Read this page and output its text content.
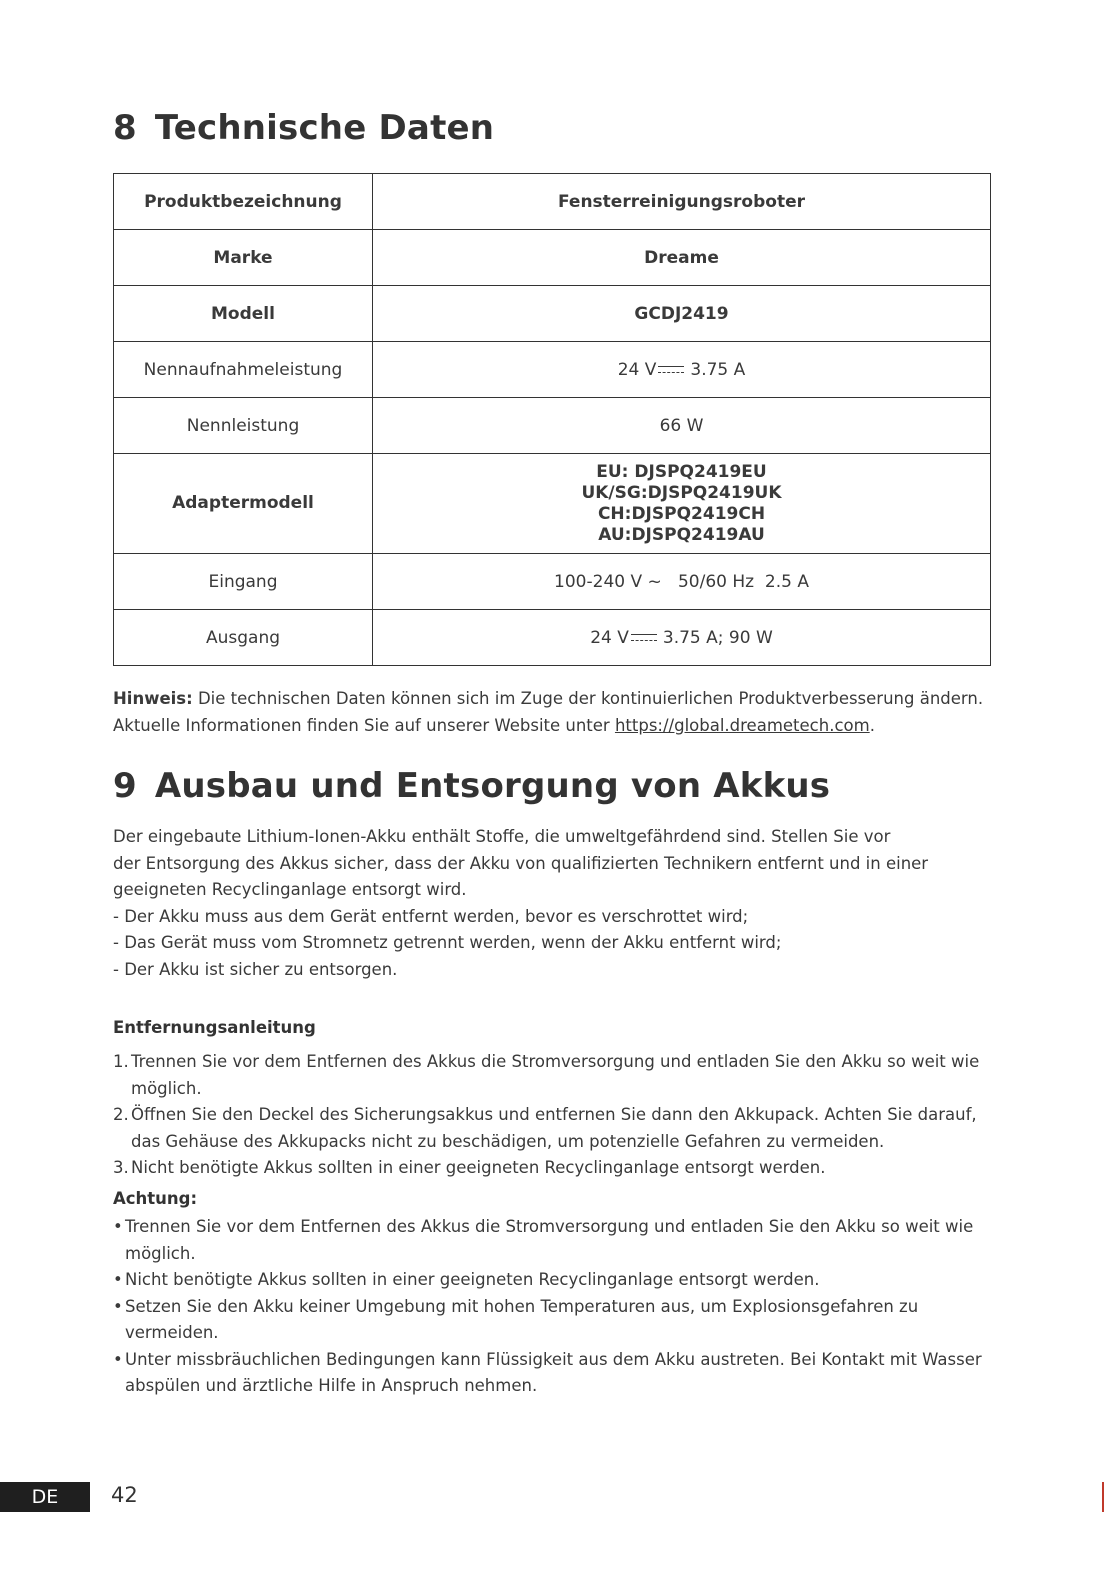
8 Technische Daten
Produktbezeichnung	Fensterreinigungsroboter
Marke	Dreame
Modell	GCDJ2419
Nennaufnahmeleistung	24 V 3.75 A
Nennleistung	66 W
Adaptermodell	EU: DJSPQ2419EU
UK/SG:DJSPQ2419UK
CH:DJSPQ2419CH
AU:DJSPQ2419AU

Eingang	100-240 V ~   50/60 Hz  2.5 A
Ausgang	24 V 3.75 A; 90 W

Hinweis: Die technischen Daten können sich im Zuge der kontinuierlichen Produktverbesserung ändern. Aktuelle Informationen finden Sie auf unserer Website unter https://global.dreametech.com.

9 Ausbau und Entsorgung von Akkus

Der eingebaute Lithium-Ionen-Akku enthält Stoffe, die umweltgefährdend sind. Stellen Sie vor
der Entsorgung des Akkus sicher, dass der Akku von qualifizierten Technikern entfernt und in einer
geeigneten Recyclinganlage entsorgt wird.
- Der Akku muss aus dem Gerät entfernt werden, bevor es verschrottet wird;
- Das Gerät muss vom Stromnetz getrennt werden, wenn der Akku entfernt wird;
- Der Akku ist sicher zu entsorgen.

Entfernungsanleitung
1. Trennen Sie vor dem Entfernen des Akkus die Stromversorgung und entladen Sie den Akku so weit wie möglich.
2. Öffnen Sie den Deckel des Sicherungsakkus und entfernen Sie dann den Akkupack. Achten Sie darauf, das Gehäuse des Akkupacks nicht zu beschädigen, um potenzielle Gefahren zu vermeiden.
3. Nicht benötigte Akkus sollten in einer geeigneten Recyclinganlage entsorgt werden.
Achtung:
• Trennen Sie vor dem Entfernen des Akkus die Stromversorgung und entladen Sie den Akku so weit wie möglich.
• Nicht benötigte Akkus sollten in einer geeigneten Recyclinganlage entsorgt werden.
• Setzen Sie den Akku keiner Umgebung mit hohen Temperaturen aus, um Explosionsgefahren zu vermeiden.
• Unter missbräuchlichen Bedingungen kann Flüssigkeit aus dem Akku austreten. Bei Kontakt mit Wasser abspülen und ärztliche Hilfe in Anspruch nehmen.
DE	42
